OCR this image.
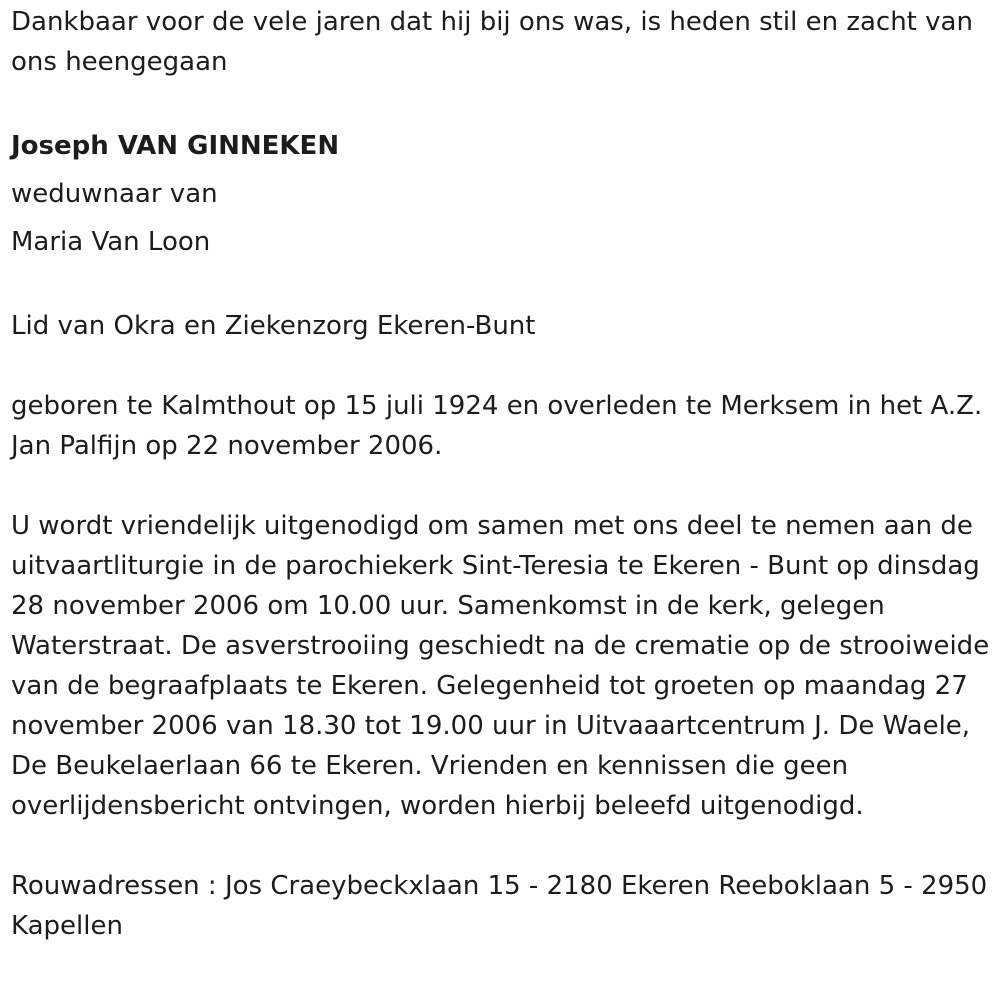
Dankbaar voor de vele jaren dat hij bij ons was, is heden stil en zacht van ons heengegaan

Joseph VAN GINNEKEN

weduwnaar van

Maria Van Loon

Lid van Okra en Ziekenzorg Ekeren-Bunt

geboren te Kalmthout op 15 juli 1924 en overleden te Merksem in het A.Z. Jan Palfijn op 22 november 2006.

U wordt vriendelijk uitgenodigd om samen met ons deel te nemen aan de uitvaartliturgie in de parochiekerk Sint-Teresia te Ekeren - Bunt op dinsdag 28 november 2006 om 10.00 uur. Samenkomst in de kerk, gelegen Waterstraat. De asverstrooiing geschiedt na de crematie op de strooiweide van de begraafplaats te Ekeren. Gelegenheid tot groeten op maandag 27 november 2006 van 18.30 tot 19.00 uur in Uitvaaartcentrum J. De Waele, De Beukelaerlaan 66 te Ekeren. Vrienden en kennissen die geen overlijdensbericht ontvingen, worden hierbij beleefd uitgenodigd.

Rouwadressen : Jos Craeybeckxlaan 15 - 2180 Ekeren Reeboklaan 5 - 2950 Kapellen
